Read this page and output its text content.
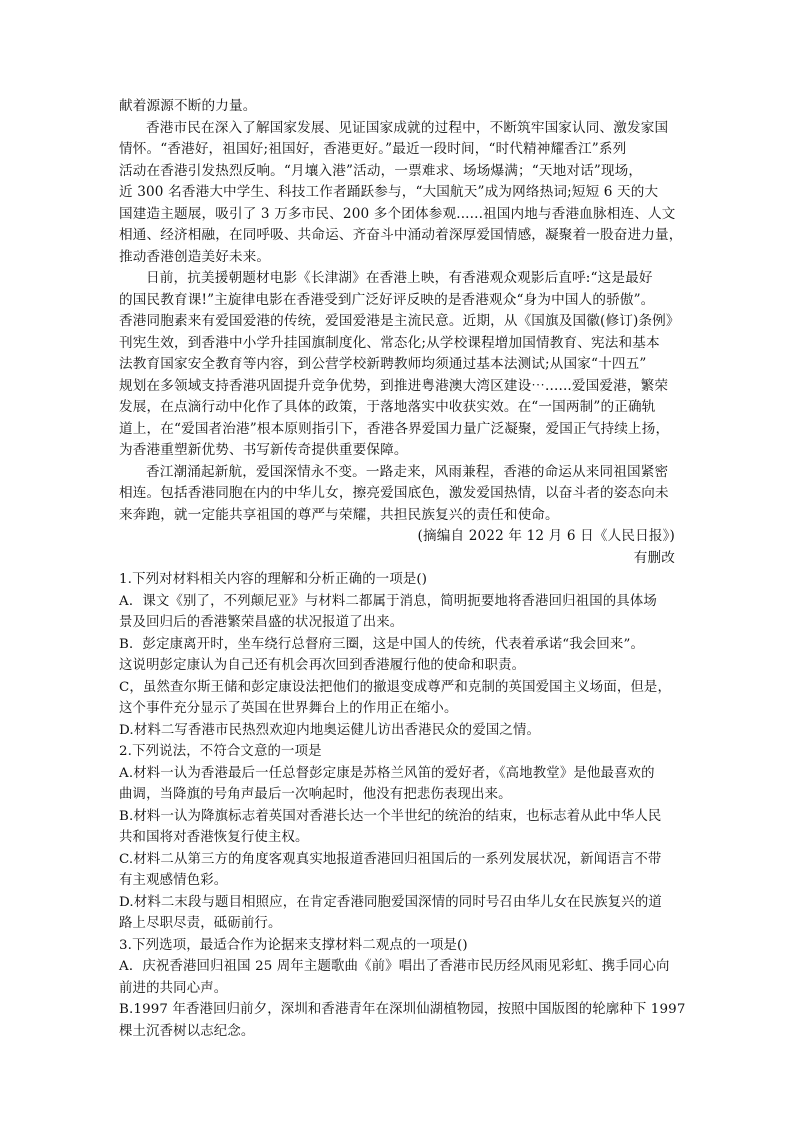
献着源源不断的力量。
香港市民在深入了解国家发展、见证国家成就的过程中，不断筑牢国家认同、激发家国
情怀。“香港好，祖国好;祖国好，香港更好。”最近一段时间，“时代精神耀香江”系列
活动在香港引发热烈反响。“月壤入港”活动，一票难求、场场爆满；“天地对话”现场，
近 300 名香港大中学生、科技工作者踊跃参与，“大国航天”成为网络热词;短短 6 天的大
国建造主题展，吸引了 3 万多市民、200 多个团体参观......祖国内地与香港血脉相连、人文
相通、经济相融，在同呼吸、共命运、齐奋斗中涌动着深厚爱国情感，凝聚着一股奋进力量，
推动香港创造美好未来。
日前，抗美援朝题材电影《长津湖》在香港上映，有香港观众观影后直呼:“这是最好
的国民教育课!”主旋律电影在香港受到广泛好评反映的是香港观众“身为中国人的骄傲”。
香港同胞素来有爱国爱港的传统，爱国爱港是主流民意。近期，从《国旗及国徽(修订)条例》
刊宪生效，到香港中小学升挂国旗制度化、常态化;从学校课程增加国情教育、宪法和基本
法教育国家安全教育等内容，到公营学校新聘教师均须通过基本法测试;从国家“十四五”
规划在多领域支持香港巩固提升竞争优势，到推进粤港澳大湾区建设⋯......爱国爱港，繁荣
发展，在点滴行动中化作了具体的政策，于落地落实中收获实效。在“一国两制”的正确轨
道上，在“爱国者治港”根本原则指引下，香港各界爱国力量广泛凝聚，爱国正气持续上扬，
为香港重塑新优势、书写新传奇提供重要保障。
香江潮涌起新航，爱国深情永不变。一路走来，风雨兼程，香港的命运从来同祖国紧密
相连。包括香港同胞在内的中华儿女，擦亮爱国底色，激发爱国热情，以奋斗者的姿态向未
来奔跑，就一定能共享祖国的尊严与荣耀，共担民族复兴的责任和使命。
(摘编自 2022 年 12 月 6 日《人民日报》)
有删改
1.下列对材料相关内容的理解和分析正确的一项是()
A．课文《别了，不列颠尼亚》与材料二都属于消息，简明扼要地将香港回归祖国的具体场
景及回归后的香港繁荣昌盛的状况报道了出来。
B．彭定康离开时，坐车绕行总督府三圈，这是中国人的传统，代表着承诺“我会回来”。
这说明彭定康认为自己还有机会再次回到香港履行他的使命和职责。
C，虽然查尔斯王储和彭定康设法把他们的撤退变成尊严和克制的英国爱国主义场面，但是，
这个事件充分显示了英国在世界舞台上的作用正在缩小。
D.材料二写香港市民热烈欢迎内地奥运健儿访出香港民众的爱国之情。
2.下列说法，不符合文意的一项是
A.材料一认为香港最后一任总督彭定康是苏格兰风笛的爱好者，《高地教堂》是他最喜欢的
曲调，当降旗的号角声最后一次响起时，他没有把悲伤表现出来。
B.材料一认为降旗标志着英国对香港长达一个半世纪的统治的结束，也标志着从此中华人民
共和国将对香港恢复行使主权。
C.材料二从第三方的角度客观真实地报道香港回归祖国后的一系列发展状况，新闻语言不带
有主观感情色彩。
D.材料二末段与题目相照应，在肯定香港同胞爱国深情的同时号召由华儿女在民族复兴的道
路上尽职尽责，砥砺前行。
3.下列选项，最适合作为论据来支撑材料二观点的一项是()
A．庆祝香港回归祖国 25 周年主题歌曲《前》唱出了香港市民历经风雨见彩虹、携手同心向
前进的共同心声。
B.1997 年香港回归前夕，深圳和香港青年在深圳仙湖植物园，按照中国版图的轮廓种下 1997
棵土沉香树以志纪念。
